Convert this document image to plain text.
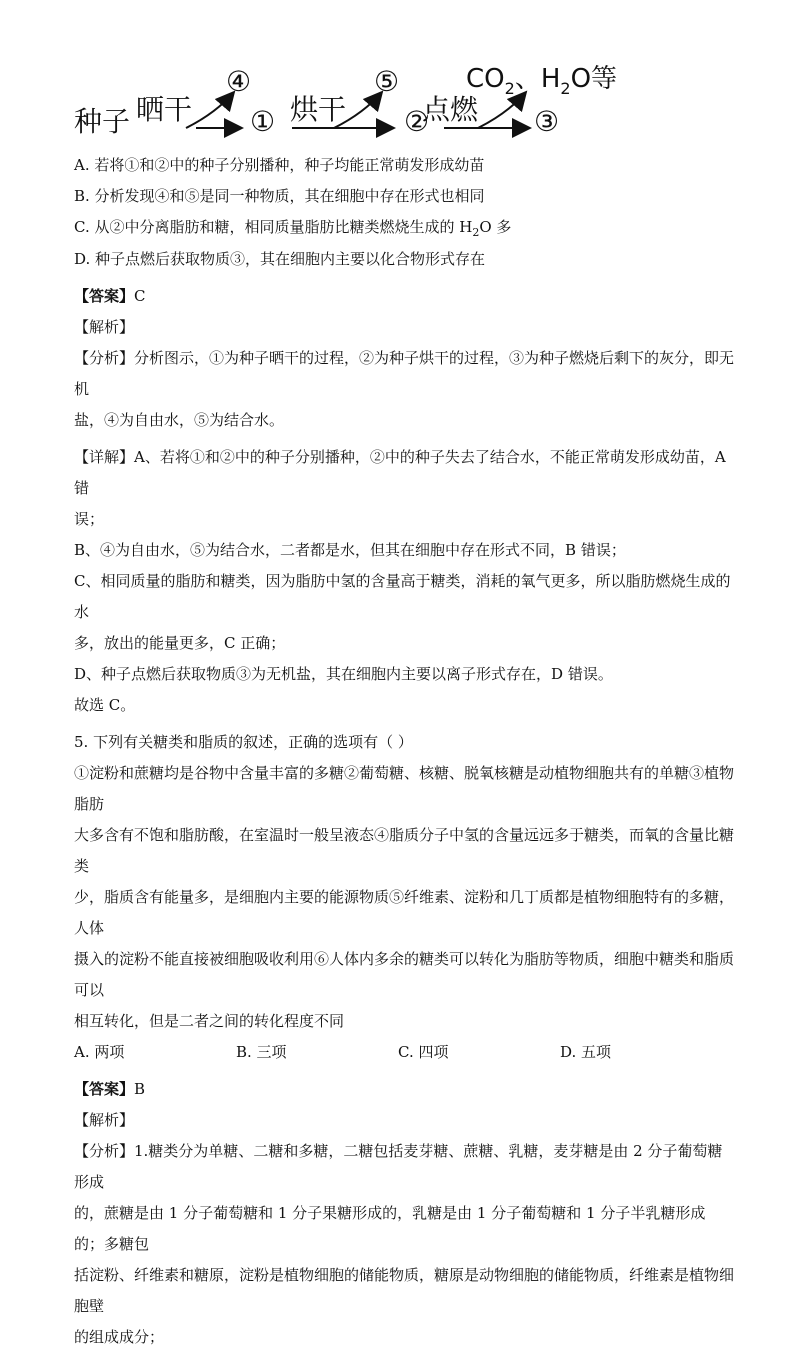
种子 晒干 ①
④
烘干 ②
⑤
点燃 ③
$CO_2$、$H_2O$等

A. 若将①和②中的种子分别播种，种子均能正常萌发形成幼苗

B. 分析发现④和⑤是同一种物质，其在细胞中存在形式也相同

C. 从②中分离脂肪和糖，相同质量脂肪比糖类燃烧生成的 $H_2O$ 多

D. 种子点燃后获取物质③，其在细胞内主要以化合物形式存在

【答案】C

【解析】

【分析】分析图示，①为种子晒干的过程，②为种子烘干的过程，③为种子燃烧后剩下的灰分，即无机

盐，④为自由水，⑤为结合水。

【详解】A、若将①和②中的种子分别播种，②中的种子失去了结合水，不能正常萌发形成幼苗，A 错

误；

B、④为自由水，⑤为结合水，二者都是水，但其在细胞中存在形式不同，B 错误；

C、相同质量的脂肪和糖类，因为脂肪中氢的含量高于糖类，消耗的氧气更多，所以脂肪燃烧生成的水

多，放出的能量更多，C 正确；

D、种子点燃后获取物质③为无机盐，其在细胞内主要以离子形式存在，D 错误。

故选 C。

5. 下列有关糖类和脂质的叙述，正确的选项有（ ）

①淀粉和蔗糖均是谷物中含量丰富的多糖②葡萄糖、核糖、脱氧核糖是动植物细胞共有的单糖③植物脂肪

大多含有不饱和脂肪酸，在室温时一般呈液态④脂质分子中氢的含量远远多于糖类，而氧的含量比糖类

少，脂质含有能量多，是细胞内主要的能源物质⑤纤维素、淀粉和几丁质都是植物细胞特有的多糖，人体

摄入的淀粉不能直接被细胞吸收利用⑥人体内多余的糖类可以转化为脂肪等物质，细胞中糖类和脂质可以

相互转化，但是二者之间的转化程度不同

A. 两项	B. 三项	C. 四项	D. 五项

【答案】B

【解析】

【分析】1.糖类分为单糖、二糖和多糖，二糖包括麦芽糖、蔗糖、乳糖，麦芽糖是由 2 分子葡萄糖形成

的，蔗糖是由 1 分子葡萄糖和 1 分子果糖形成的，乳糖是由 1 分子葡萄糖和 1 分子半乳糖形成的；多糖包

括淀粉、纤维素和糖原，淀粉是植物细胞的储能物质，糖原是动物细胞的储能物质，纤维素是植物细胞壁

的组成成分；
